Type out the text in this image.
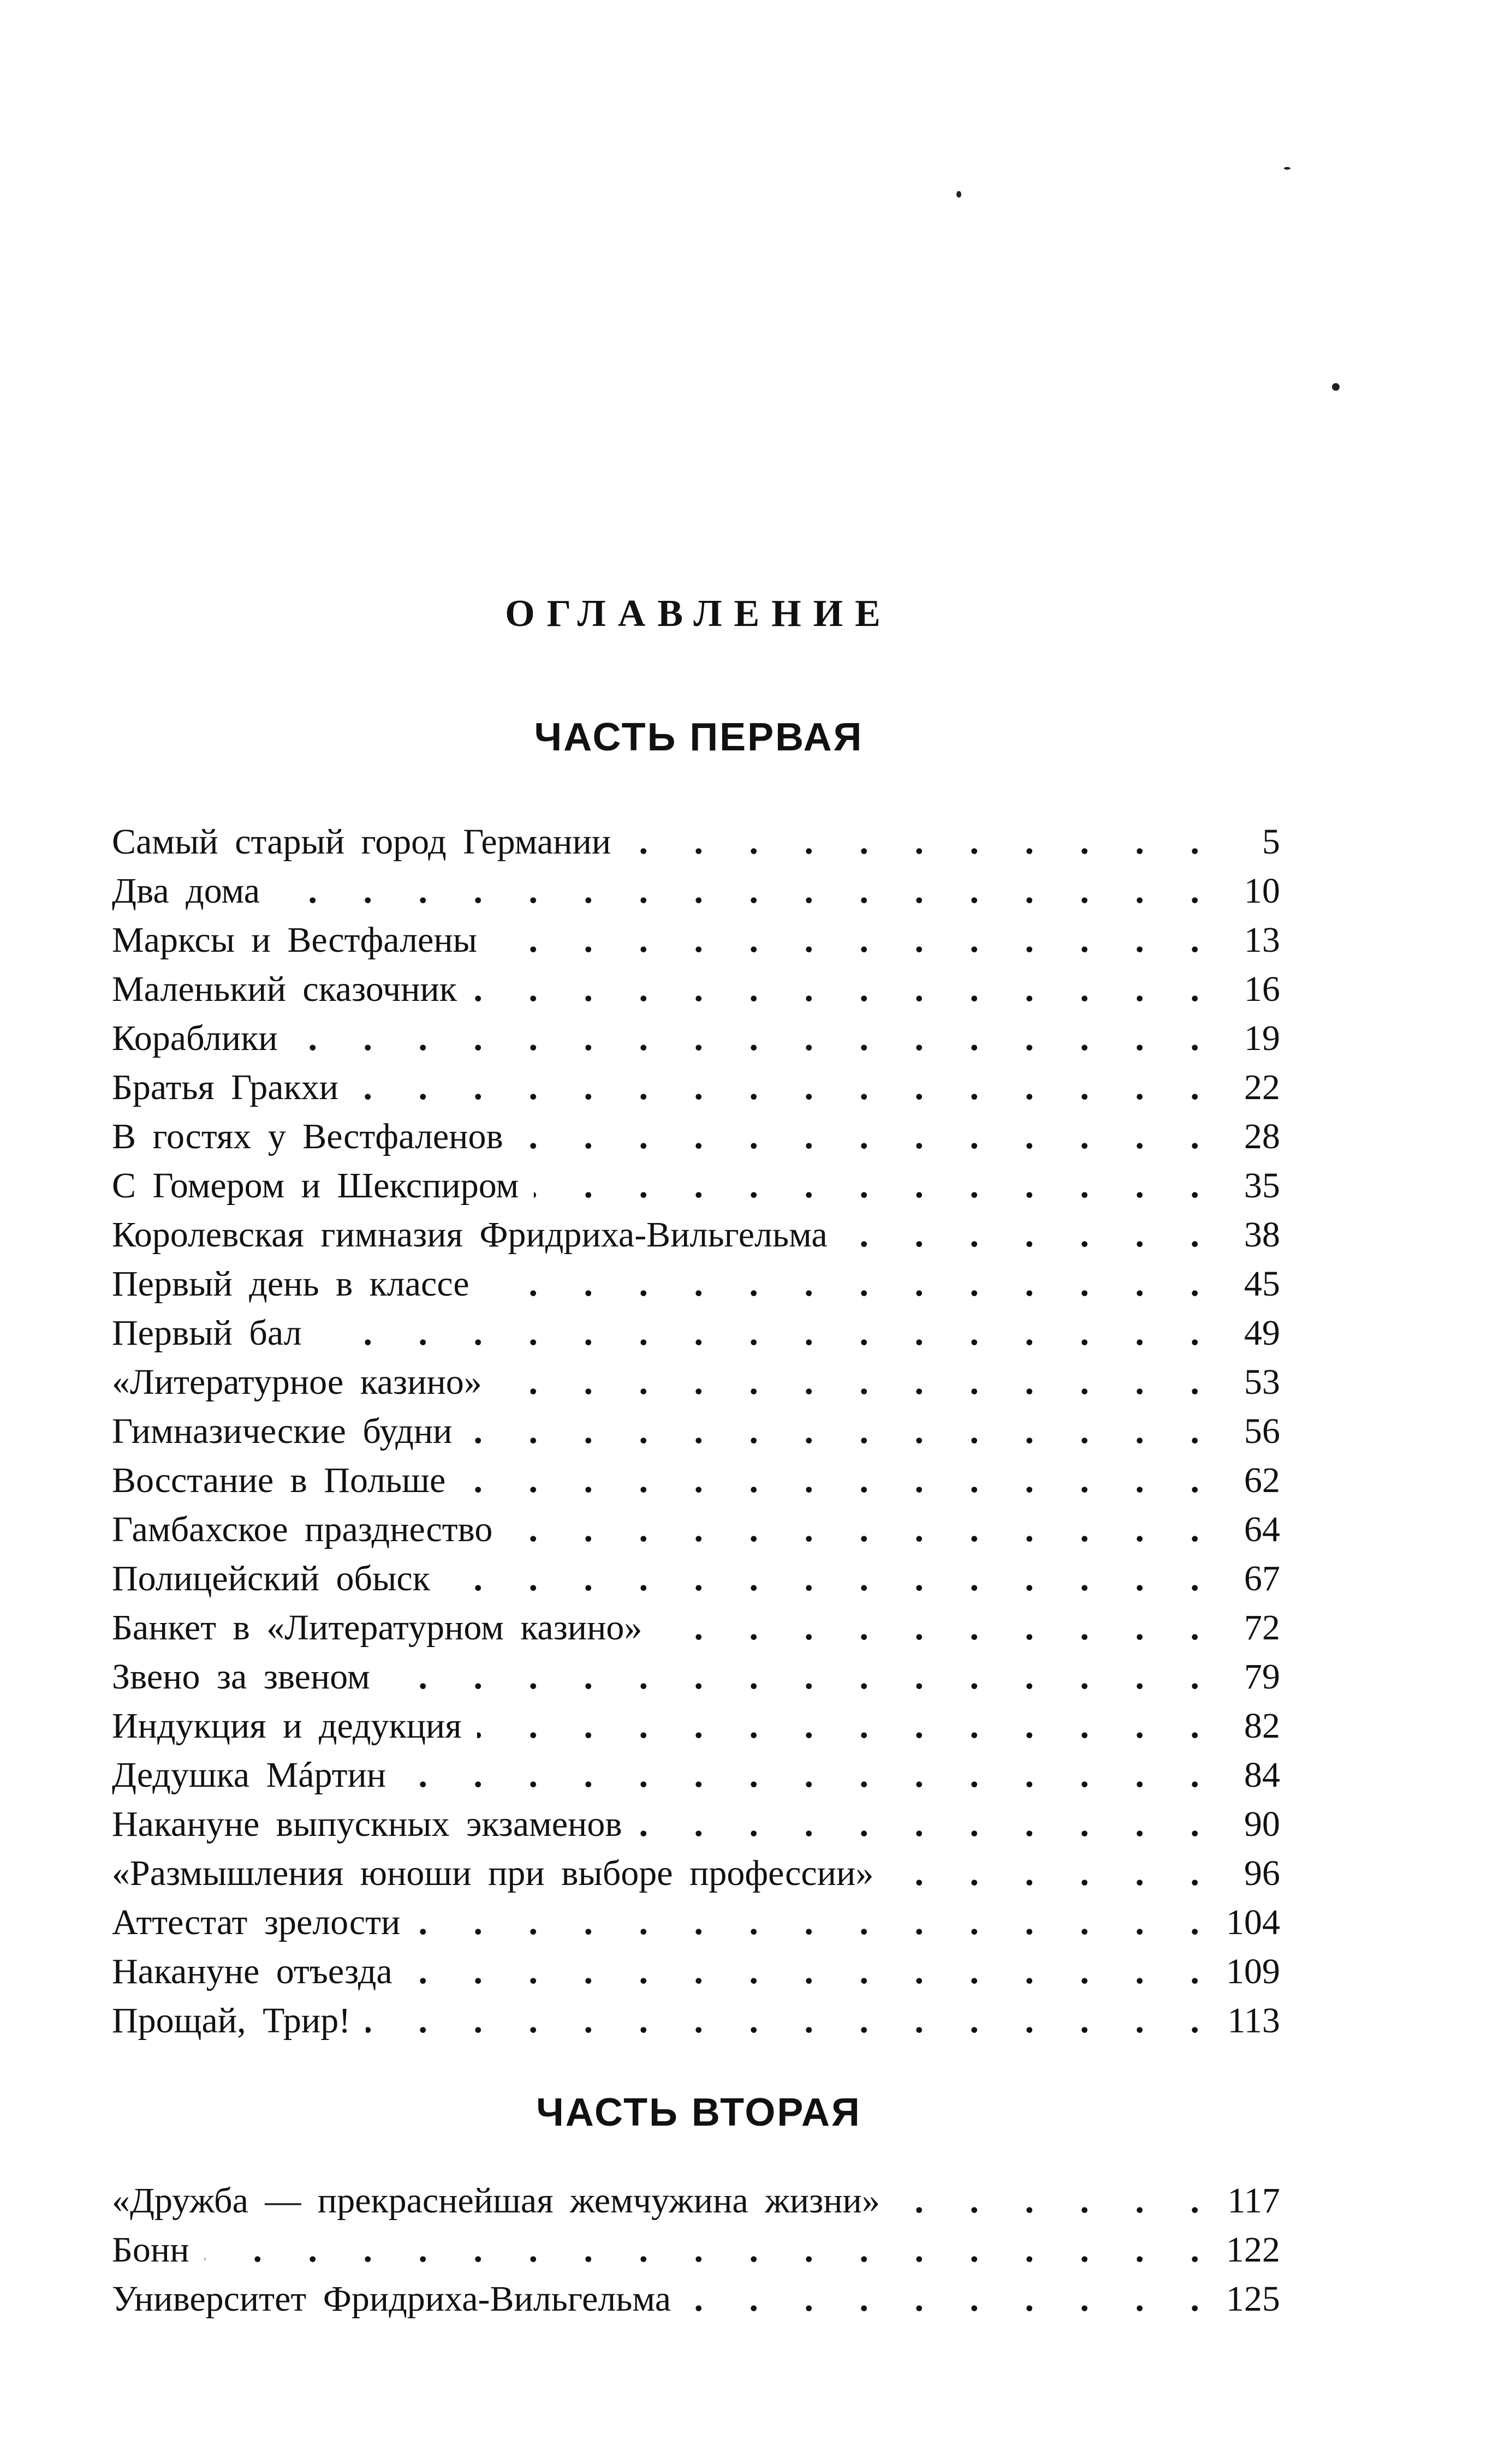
ОГЛАВЛЕНИЕ
ЧАСТЬ ПЕРВАЯ
Самый старый город Германии . . .	5
Два дома . . .	10
Марксы и Вестфалены . . .	13
Маленький сказочник . . .	16
Кораблики . . .	19
Братья Гракхи . . .	22
В гостях у Вестфаленов . . .	28
С Гомером и Шекспиром . . .	35
Королевская гимназия Фридриха-Вильгельма . . .	38
Первый день в классе . . .	45
Первый бал . . .	49
«Литературное казино» . . .	53
Гимназические будни . . .	56
Восстание в Польше . . .	62
Гамбахское празднество . . .	64
Полицейский обыск . . .	67
Банкет в «Литературном казино» . . .	72
Звено за звеном . . .	79
Индукция и дедукция . . .	82
Дедушка Мáртин . . .	84
Накануне выпускных экзаменов . . .	90
«Размышления юноши при выборе профессии» . . .	96
Аттестат зрелости . . .	104
Накануне отъезда . . .	109
Прощай, Трир! . . .	113
ЧАСТЬ ВТОРАЯ
«Дружба — прекраснейшая жемчужина жизни» . . .	117
Бонн . . .	122
Университет Фридриха-Вильгельма . . .	125
